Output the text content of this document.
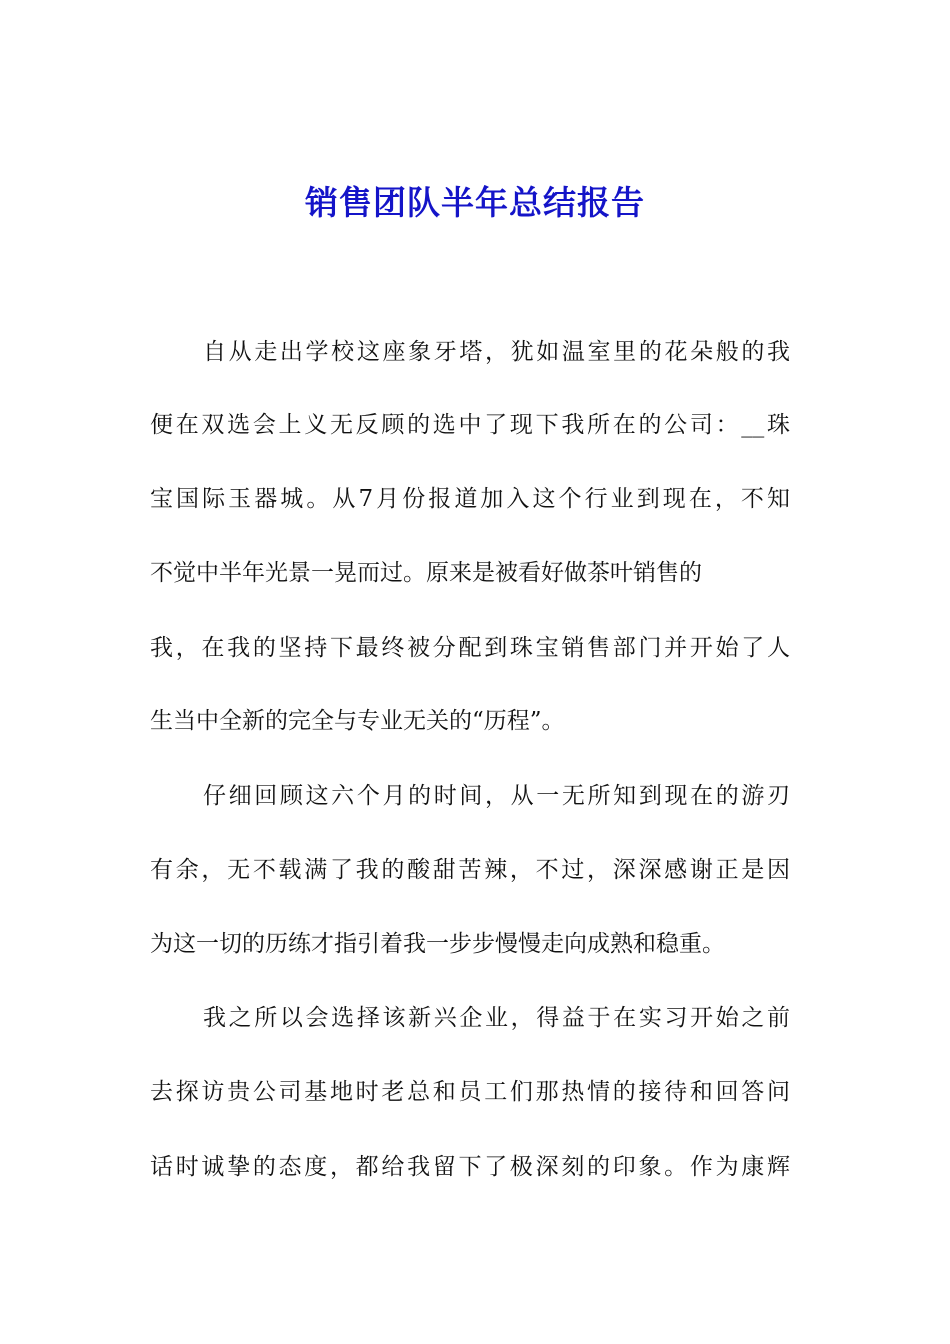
销售团队半年总结报告
自从走出学校这座象牙塔，犹如温室里的花朵般的我
便在双选会上义无反顾的选中了现下我所在的公司：__珠
宝国际玉器城。从7月份报道加入这个行业到现在，不知
不觉中半年光景一晃而过。原来是被看好做茶叶销售的
我，在我的坚持下最终被分配到珠宝销售部门并开始了人
生当中全新的完全与专业无关的“历程”。
仔细回顾这六个月的时间，从一无所知到现在的游刃
有余，无不载满了我的酸甜苦辣，不过，深深感谢正是因
为这一切的历练才指引着我一步步慢慢走向成熟和稳重。
我之所以会选择该新兴企业，得益于在实习开始之前
去探访贵公司基地时老总和员工们那热情的接待和回答问
话时诚挚的态度，都给我留下了极深刻的印象。作为康辉
